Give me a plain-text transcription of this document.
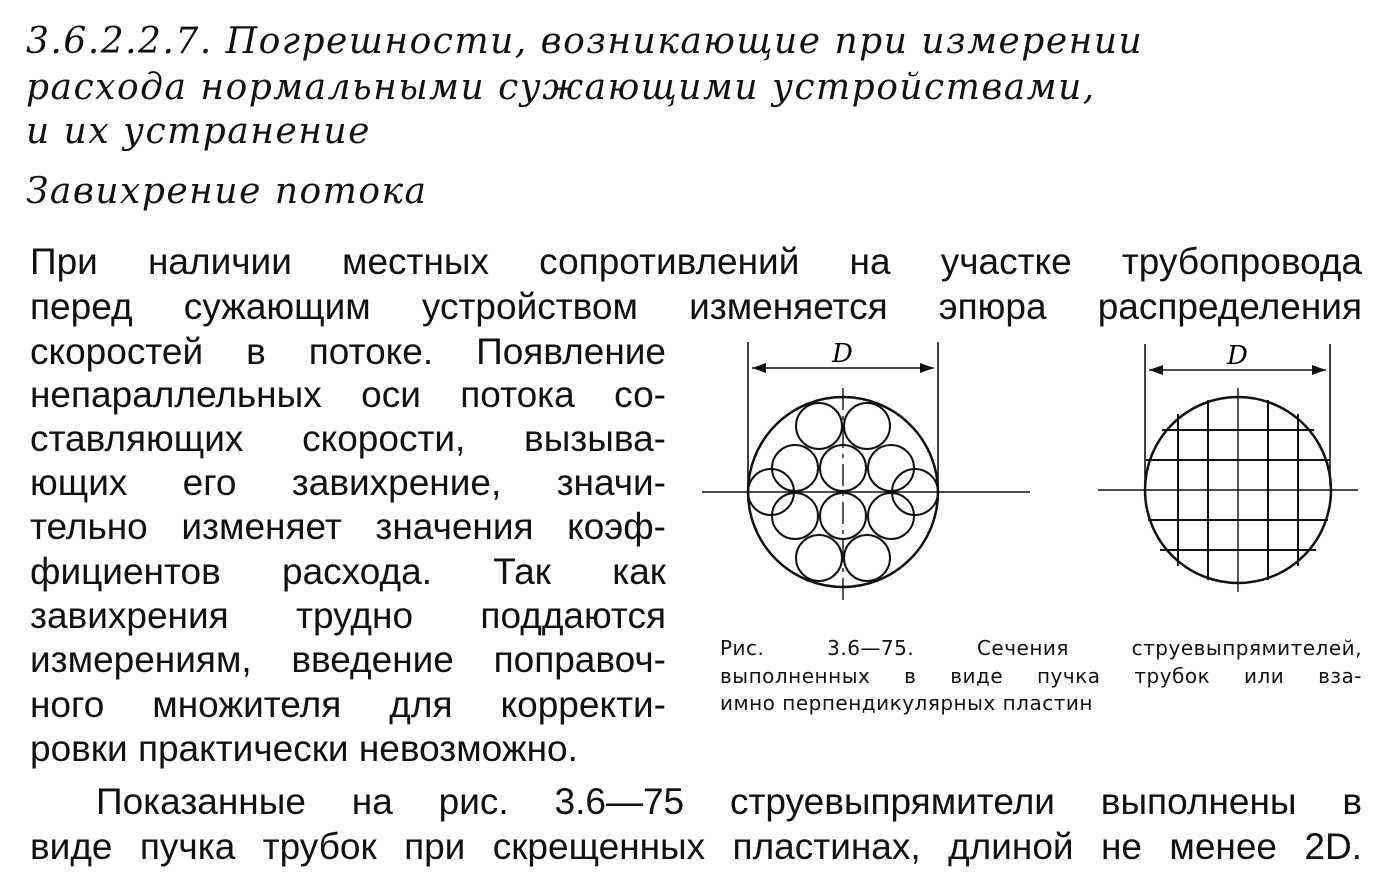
3.6.2.2.7. Погрешности, возникающие при измерении
расхода нормальными сужающими устройствами,
и их устранение
Завихрение потока
При наличии местных сопротивлений на участке трубопровода
перед сужающим устройством изменяется эпюра распределения
скоростей в потоке. Появление
непараллельных оси потока со-
ставляющих скорости, вызыва-
ющих его завихрение, значи-
тельно изменяет значения коэф-
фициентов расхода. Так как
завихрения трудно поддаются
измерениям, введение поправоч-
ного множителя для корректи-
ровки практически невозможно.
Показанные на рис. 3.6—75 струевыпрямители выполнены в
виде пучка трубок при скрещенных пластинах, длиной не менее 2D.
D	D
Рис. 3.6—75. Сечения струевыпрямителей,
выполненных в виде пучка трубок или вза-
имно перпендикулярных пластин
